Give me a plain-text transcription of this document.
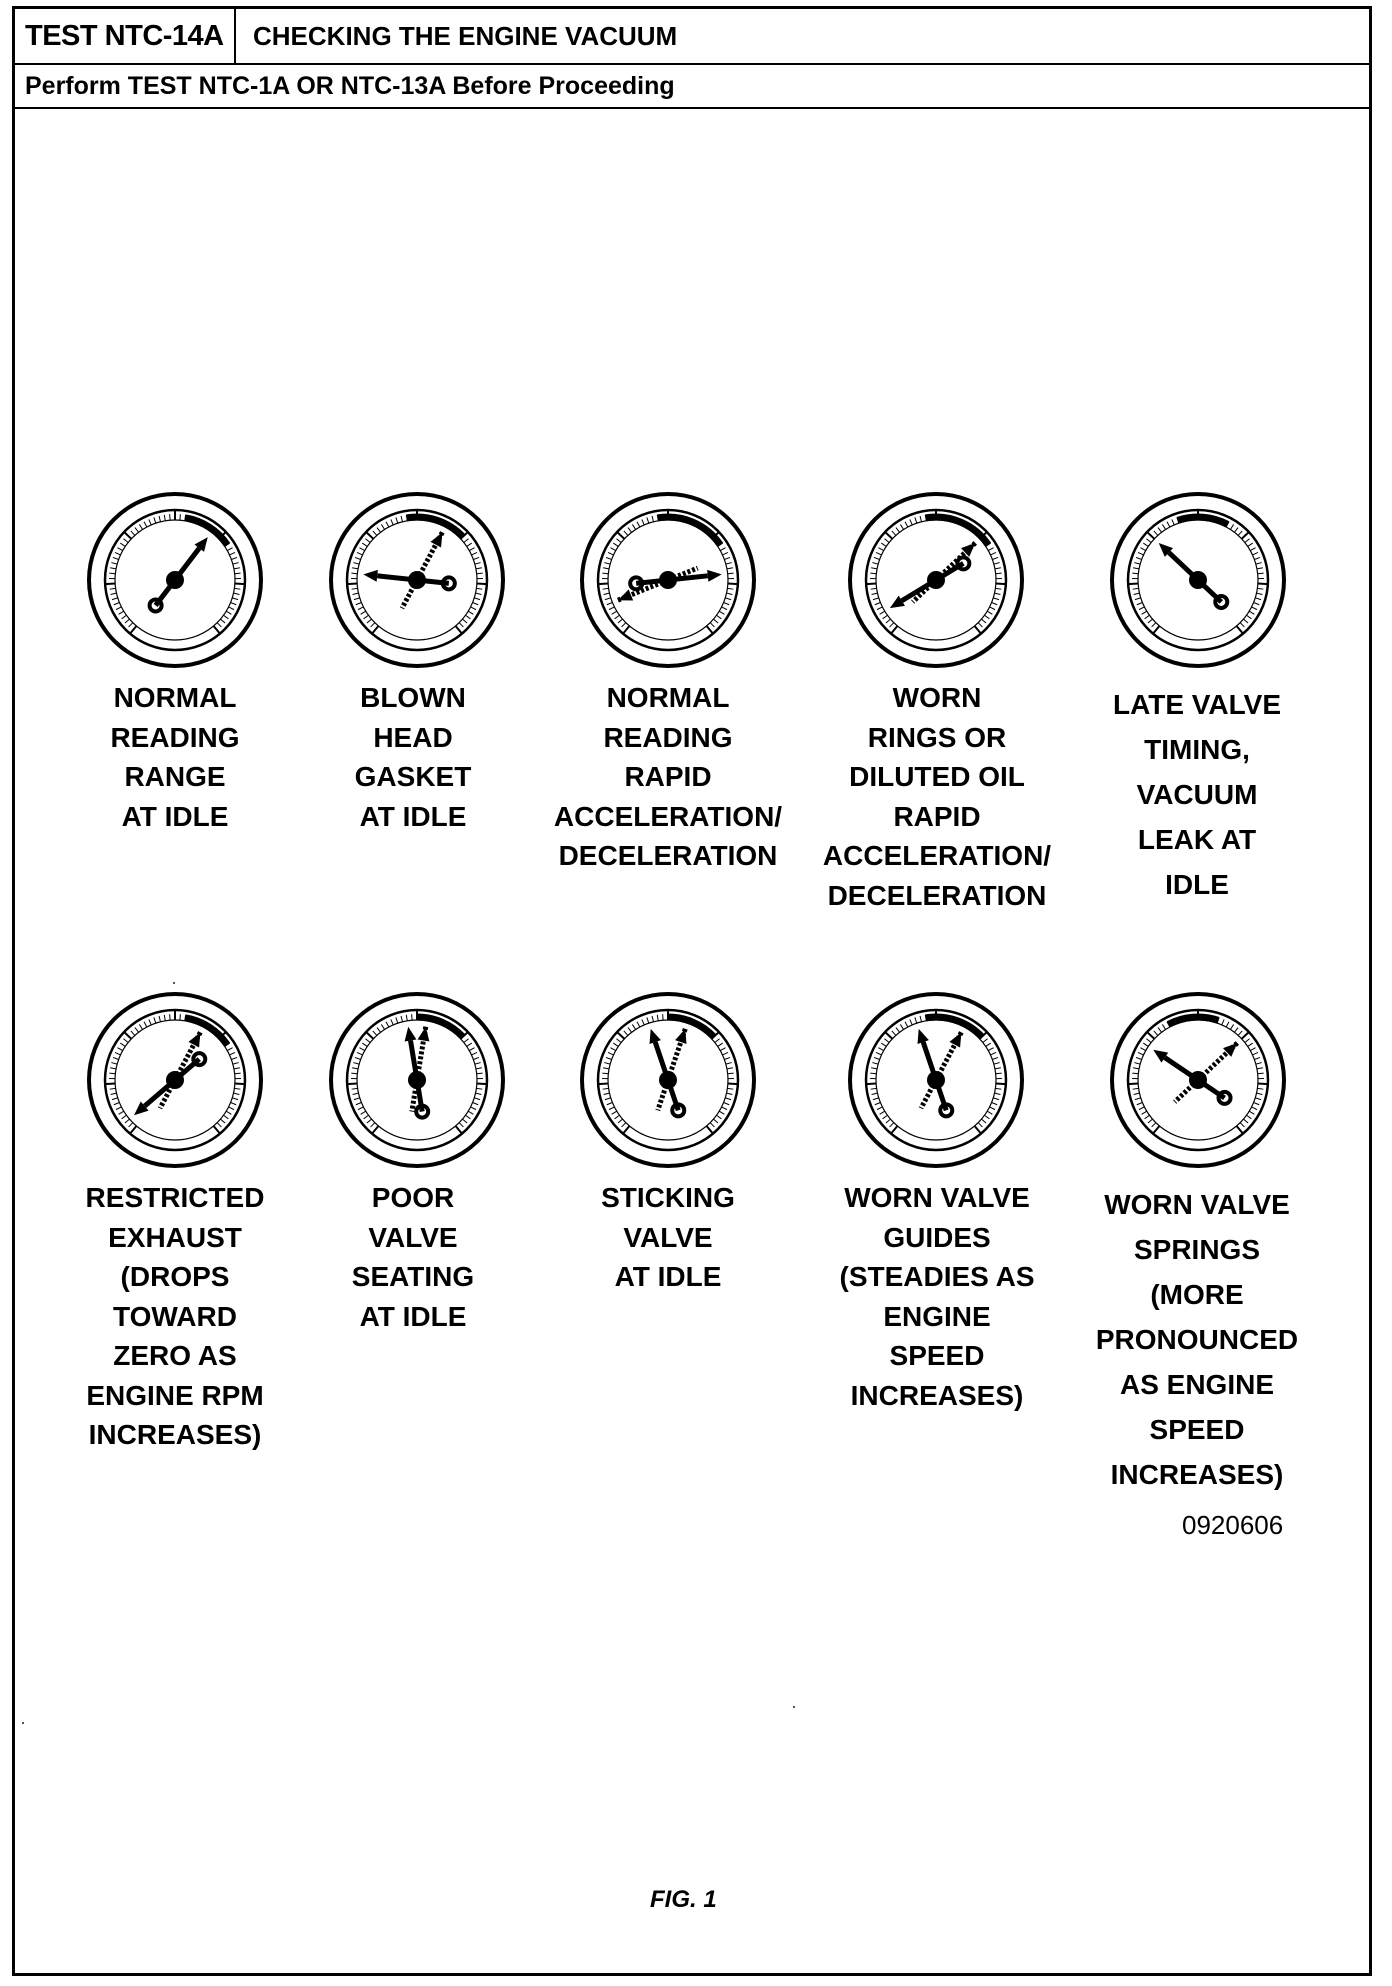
TEST NTC-14A	CHECKING THE ENGINE VACUUM
Perform TEST NTC-1A OR NTC-13A Before Proceeding
NORMAL
READING
RANGE
AT IDLE
BLOWN
HEAD
GASKET
AT IDLE
NORMAL
READING
RAPID
ACCELERATION/
DECELERATION
WORN
RINGS OR
DILUTED OIL
RAPID
ACCELERATION/
DECELERATION
LATE VALVE
TIMING,
VACUUM
LEAK AT
IDLE
RESTRICTED
EXHAUST
(DROPS
TOWARD
ZERO AS
ENGINE RPM
INCREASES)
POOR
VALVE
SEATING
AT IDLE
STICKING
VALVE
AT IDLE
WORN VALVE
GUIDES
(STEADIES AS
ENGINE
SPEED
INCREASES)
WORN VALVE
SPRINGS
(MORE
PRONOUNCED
AS ENGINE
SPEED
INCREASES)
0920606
FIG. 1
